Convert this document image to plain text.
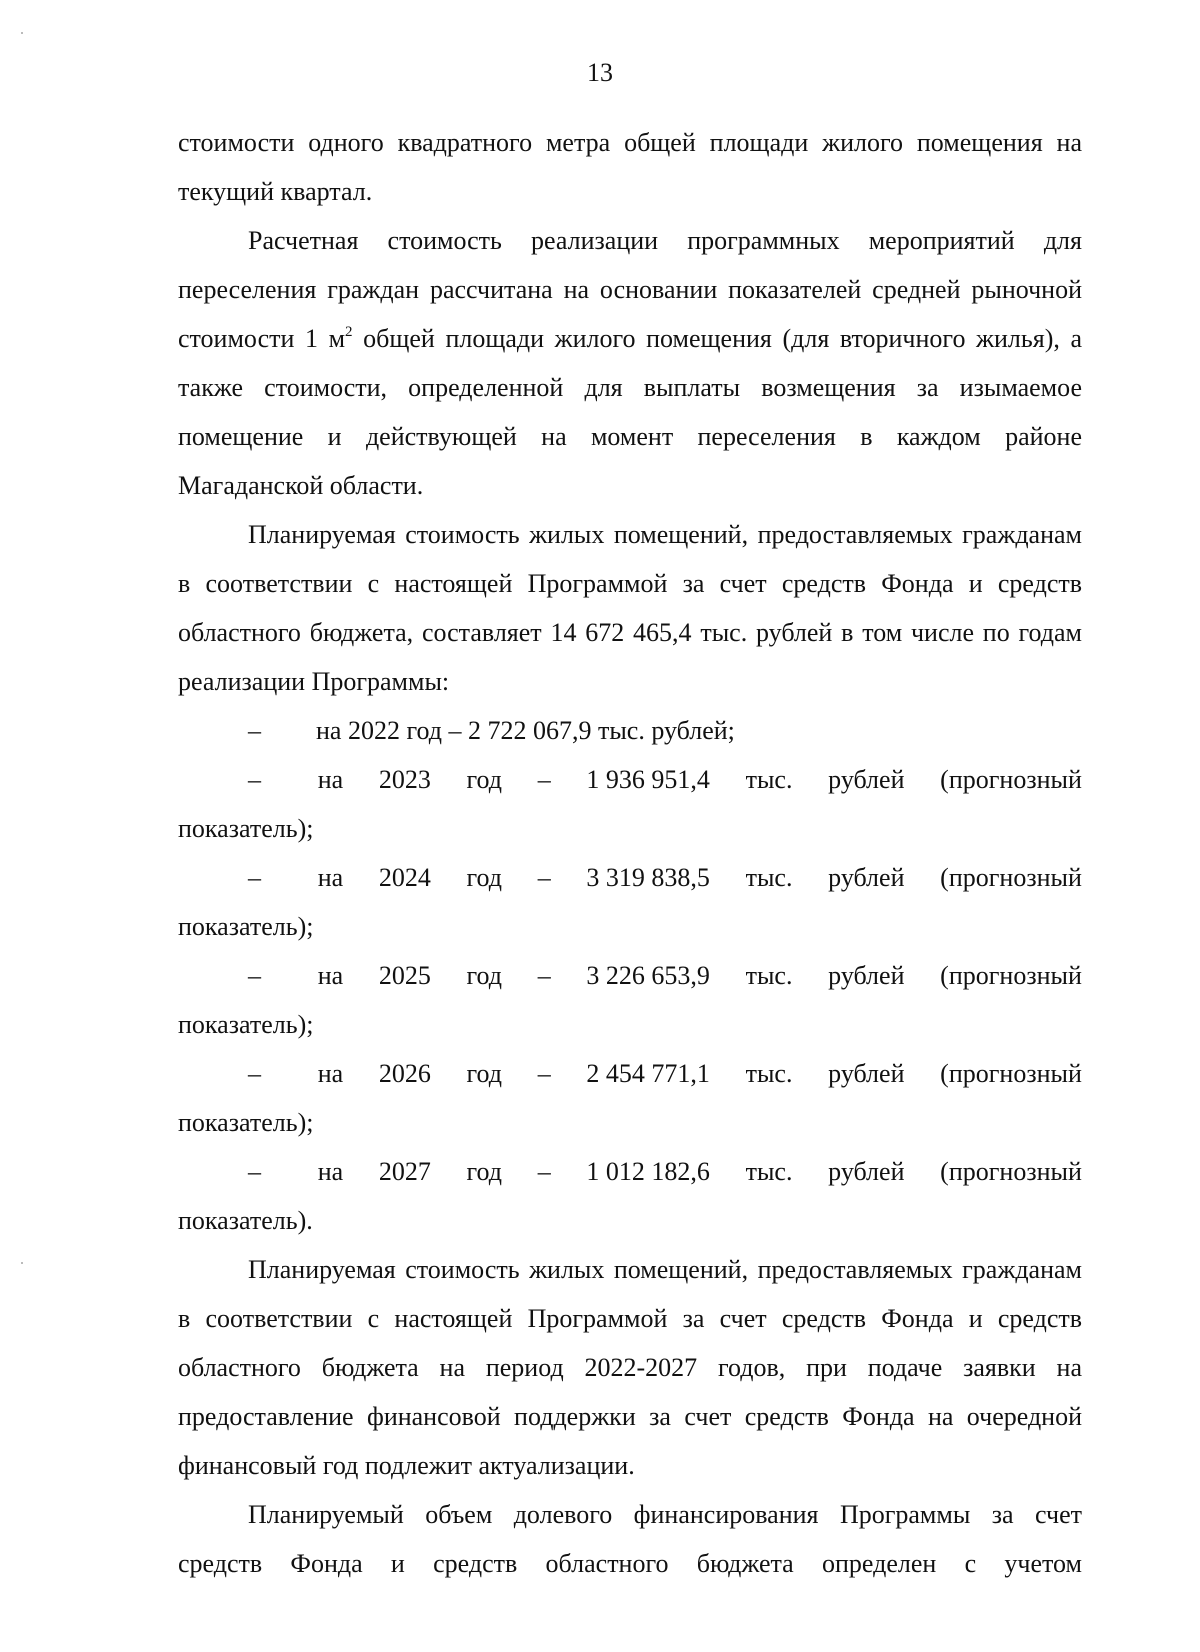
13

стоимости одного квадратного метра общей площади жилого помещения на текущий квартал.

Расчетная стоимость реализации программных мероприятий для переселения граждан рассчитана на основании показателей средней рыночной стоимости 1 $м^2$ общей площади жилого помещения (для вторичного жилья), а также стоимости, определенной для выплаты возмещения за изымаемое помещение и действующей на момент переселения в каждом районе Магаданской области.

Планируемая стоимость жилых помещений, предоставляемых гражданам в соответствии с настоящей Программой за счет средств Фонда и средств областного бюджета, составляет 14 672 465,4 тыс. рублей в том числе по годам реализации Программы:

–	на 2022 год – 2 722 067,9 тыс. рублей;
–	на 2023 год – 1 936 951,4 тыс. рублей (прогнозный

показатель);

–	на 2024 год – 3 319 838,5 тыс. рублей (прогнозный

показатель);

–	на 2025 год – 3 226 653,9 тыс. рублей (прогнозный

показатель);

–	на 2026 год – 2 454 771,1 тыс. рублей (прогнозный

показатель);

–	на 2027 год – 1 012 182,6 тыс. рублей (прогнозный

показатель).

Планируемая стоимость жилых помещений, предоставляемых гражданам в соответствии с настоящей Программой за счет средств Фонда и средств областного бюджета на период 2022-2027 годов, при подаче заявки на предоставление финансовой поддержки за счет средств Фонда на очередной финансовый год подлежит актуализации.

Планируемый объем долевого финансирования Программы за счет средств Фонда и средств областного бюджета определен с учетом
